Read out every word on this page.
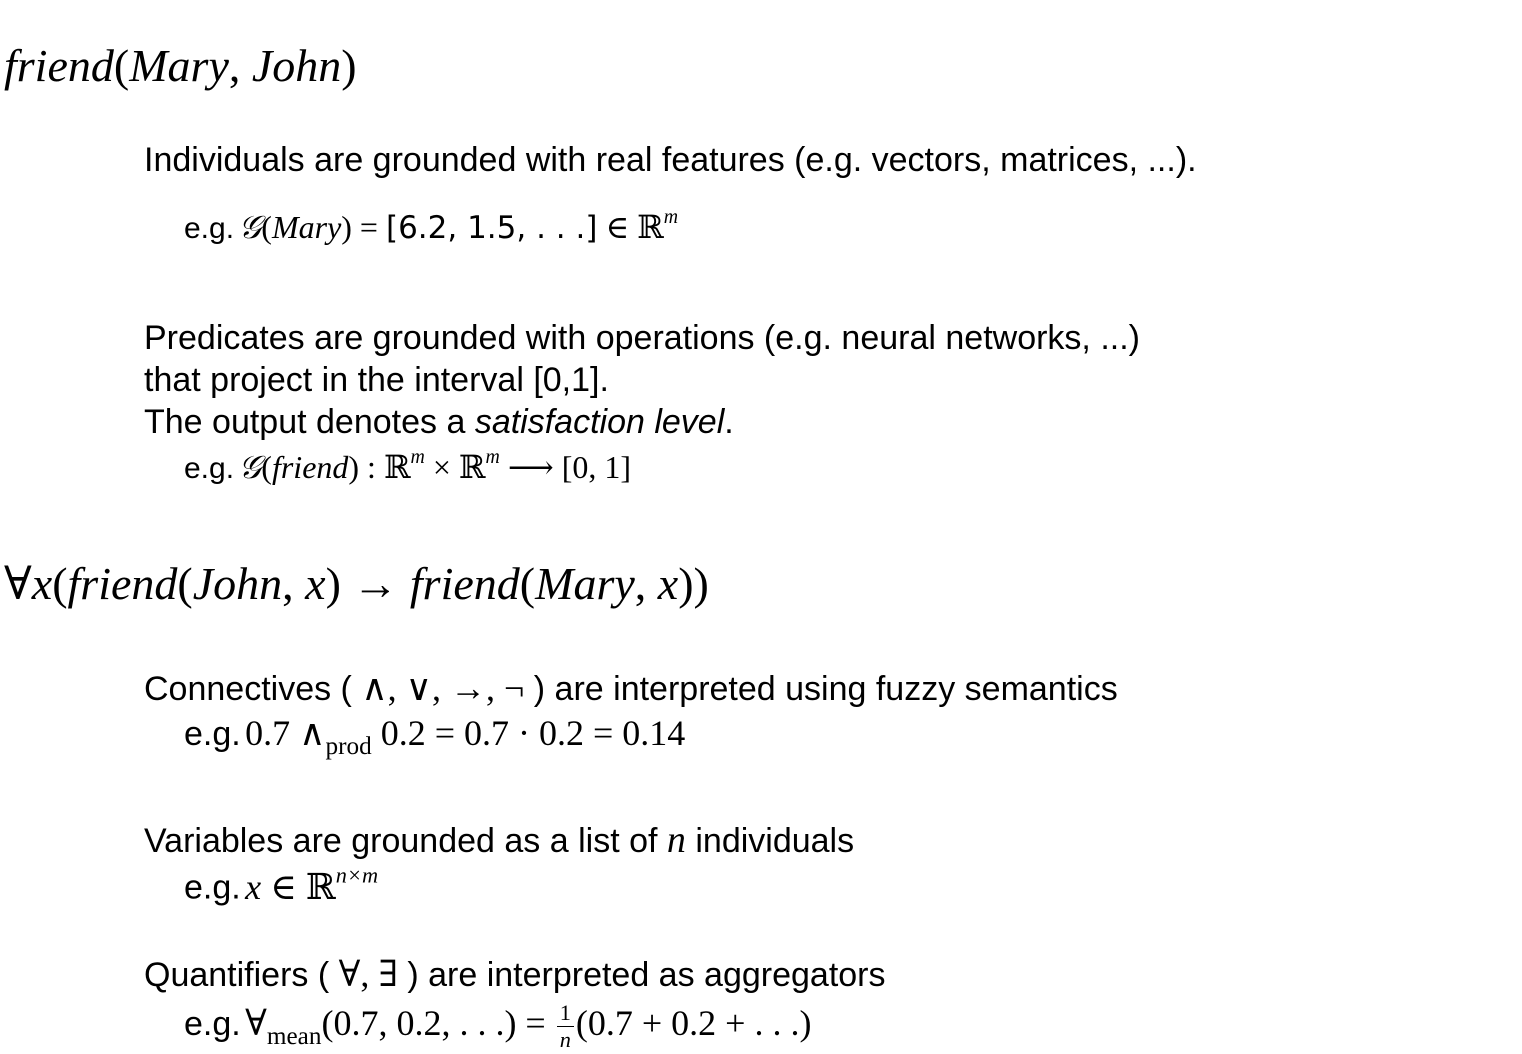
friend(Mary, John)
Individuals are grounded with real features (e.g. vectors, matrices, ...).
e.g. 𝒢(Mary) = [6.2, 1.5, . . .] ∈ ℝ$^m$
Predicates are grounded with operations (e.g. neural networks, ...)
that project in the interval [0,1].
The output denotes a satisfaction level.
e.g. 𝒢(friend) : ℝ$^m$ × ℝ$^m$ ⟶ [0, 1]
∀x(friend(John, x) → friend(Mary, x))
Connectives ( ∧, ∨, →, ¬ ) are interpreted using fuzzy semantics
e.g. 0.7 $\wedge_{prod}$ 0.2 = 0.7 · 0.2 = 0.14
Variables are grounded as a list of n individuals
e.g. x ∈ ℝ$^{n\times m}$
Quantifiers ( ∀, ∃ ) are interpreted as aggregators
e.g. $\forall_{mean}(0.7$, 0.2, . . .) = $\frac{1}{n} (0.7 + 0.2$ + . . .)
